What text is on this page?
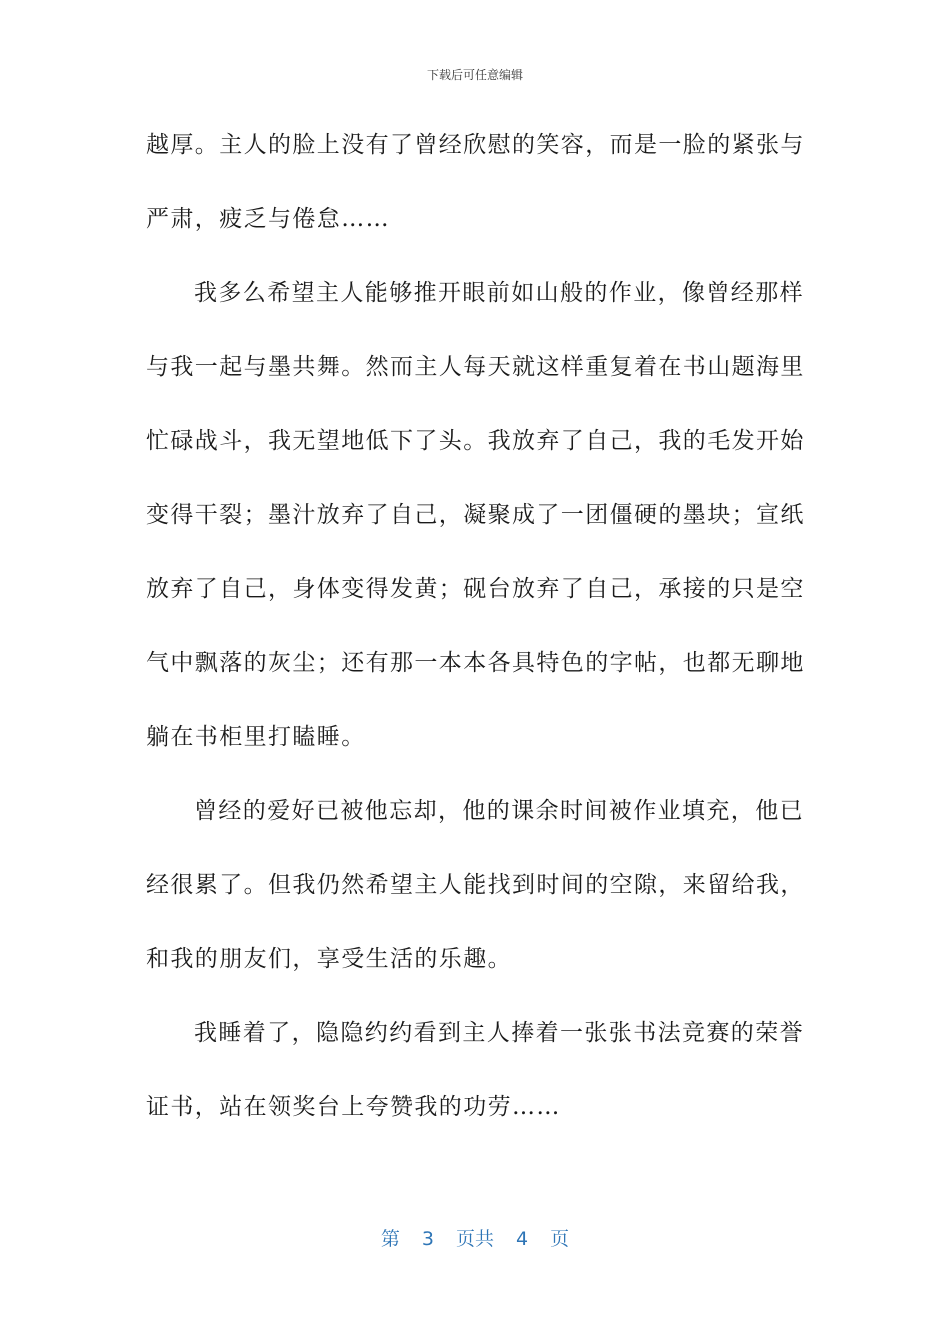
下载后可任意编辑
越厚。主人的脸上没有了曾经欣慰的笑容，而是一脸的紧张与
严肃，疲乏与倦怠……
我多么希望主人能够推开眼前如山般的作业，像曾经那样
与我一起与墨共舞。然而主人每天就这样重复着在书山题海里
忙碌战斗，我无望地低下了头。我放弃了自己，我的毛发开始
变得干裂；墨汁放弃了自己，凝聚成了一团僵硬的墨块；宣纸
放弃了自己，身体变得发黄；砚台放弃了自己，承接的只是空
气中飘落的灰尘；还有那一本本各具特色的字帖，也都无聊地
躺在书柜里打瞌睡。
曾经的爱好已被他忘却，他的课余时间被作业填充，他已
经很累了。但我仍然希望主人能找到时间的空隙，来留给我，
和我的朋友们，享受生活的乐趣。
我睡着了，隐隐约约看到主人捧着一张张书法竞赛的荣誉
证书，站在领奖台上夸赞我的功劳……
第 3 页共 4 页
